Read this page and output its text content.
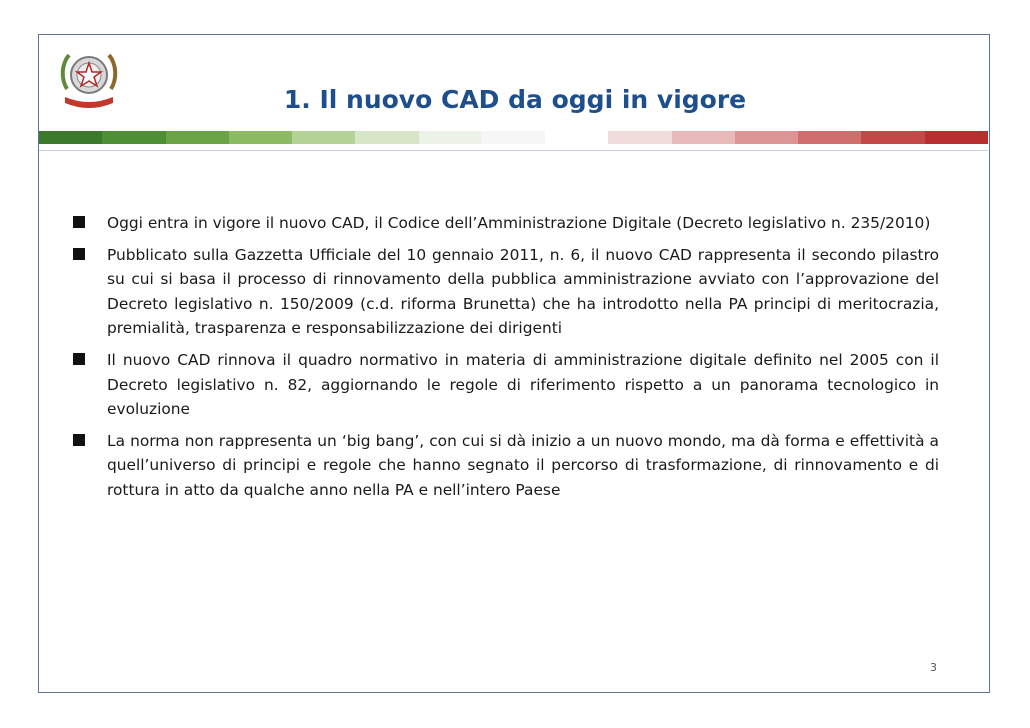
1. Il nuovo CAD da oggi in vigore

Oggi entra in vigore il nuovo CAD, il Codice dell’Amministrazione Digitale (Decreto legislativo n. 235/2010)

Pubblicato sulla Gazzetta Ufficiale del 10 gennaio 2011, n. 6, il nuovo CAD rappresenta il secondo pilastro su cui si basa il processo di rinnovamento della pubblica amministrazione avviato con l’approvazione del Decreto legislativo n. 150/2009 (c.d. riforma Brunetta) che ha introdotto nella PA principi di meritocrazia, premialità, trasparenza e responsabilizzazione dei dirigenti

Il nuovo CAD rinnova il quadro normativo in materia di amministrazione digitale definito nel 2005 con il Decreto legislativo n. 82, aggiornando le regole di riferimento rispetto a un panorama tecnologico in evoluzione

La norma non rappresenta un ‘big bang’, con cui si dà inizio a un nuovo mondo, ma dà forma e effettività a quell’universo di principi e regole che hanno segnato il percorso di trasformazione, di rinnovamento e di rottura in atto da qualche anno nella PA e nell’intero Paese

3
